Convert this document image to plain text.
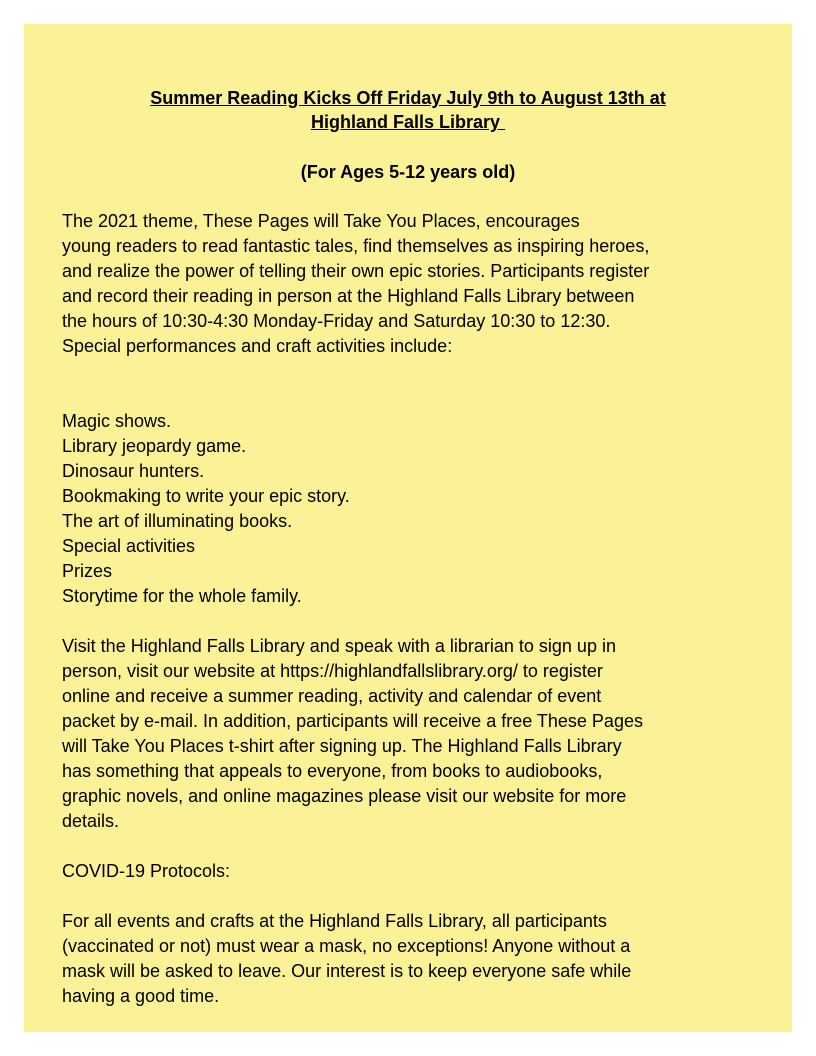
Summer Reading Kicks Off Friday July 9th to August 13th at
Highland Falls Library
(For Ages 5-12 years old)
The 2021 theme, These Pages will Take You Places, encourages
young readers to read fantastic tales, find themselves as inspiring heroes,
and realize the power of telling their own epic stories. Participants register
and record their reading in person at the Highland Falls Library between
the hours of 10:30-4:30 Monday-Friday and Saturday 10:30 to 12:30.
Special performances and craft activities include:
Magic shows.
Library jeopardy game.
Dinosaur hunters.
Bookmaking to write your epic story.
The art of illuminating books.
Special activities
Prizes
Storytime for the whole family.
Visit the Highland Falls Library and speak with a librarian to sign up in
person, visit our website at https://highlandfallslibrary.org/ to register
online and receive a summer reading, activity and calendar of event
packet by e-mail. In addition, participants will receive a free These Pages
will Take You Places t-shirt after signing up. The Highland Falls Library
has something that appeals to everyone, from books to audiobooks,
graphic novels, and online magazines please visit our website for more
details.
COVID-19 Protocols:
For all events and crafts at the Highland Falls Library, all participants
(vaccinated or not) must wear a mask, no exceptions! Anyone without a
mask will be asked to leave. Our interest is to keep everyone safe while
having a good time.
